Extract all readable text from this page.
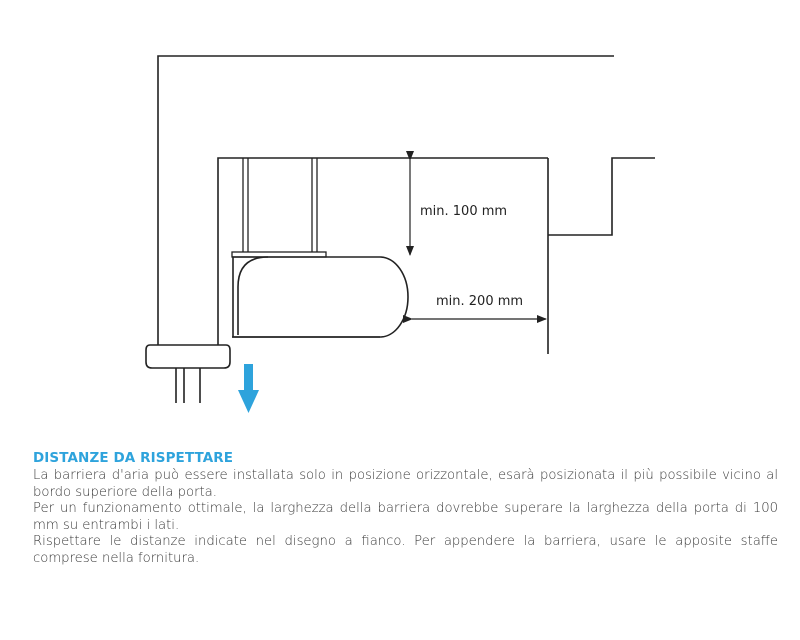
min. 100 mm
min. 200 mm

DISTANZE DA RISPETTARE

La barriera d'aria può essere installata solo in posizione orizzontale, esarà posizionata il più possibile vicino al bordo superiore della porta.

Per un funzionamento ottimale, la larghezza della barriera dovrebbe superare la larghezza della porta di 100 mm su entrambi i lati.

Rispettare le distanze indicate nel disegno a fianco. Per appendere la barriera, usare le apposite staffe comprese nella fornitura.
